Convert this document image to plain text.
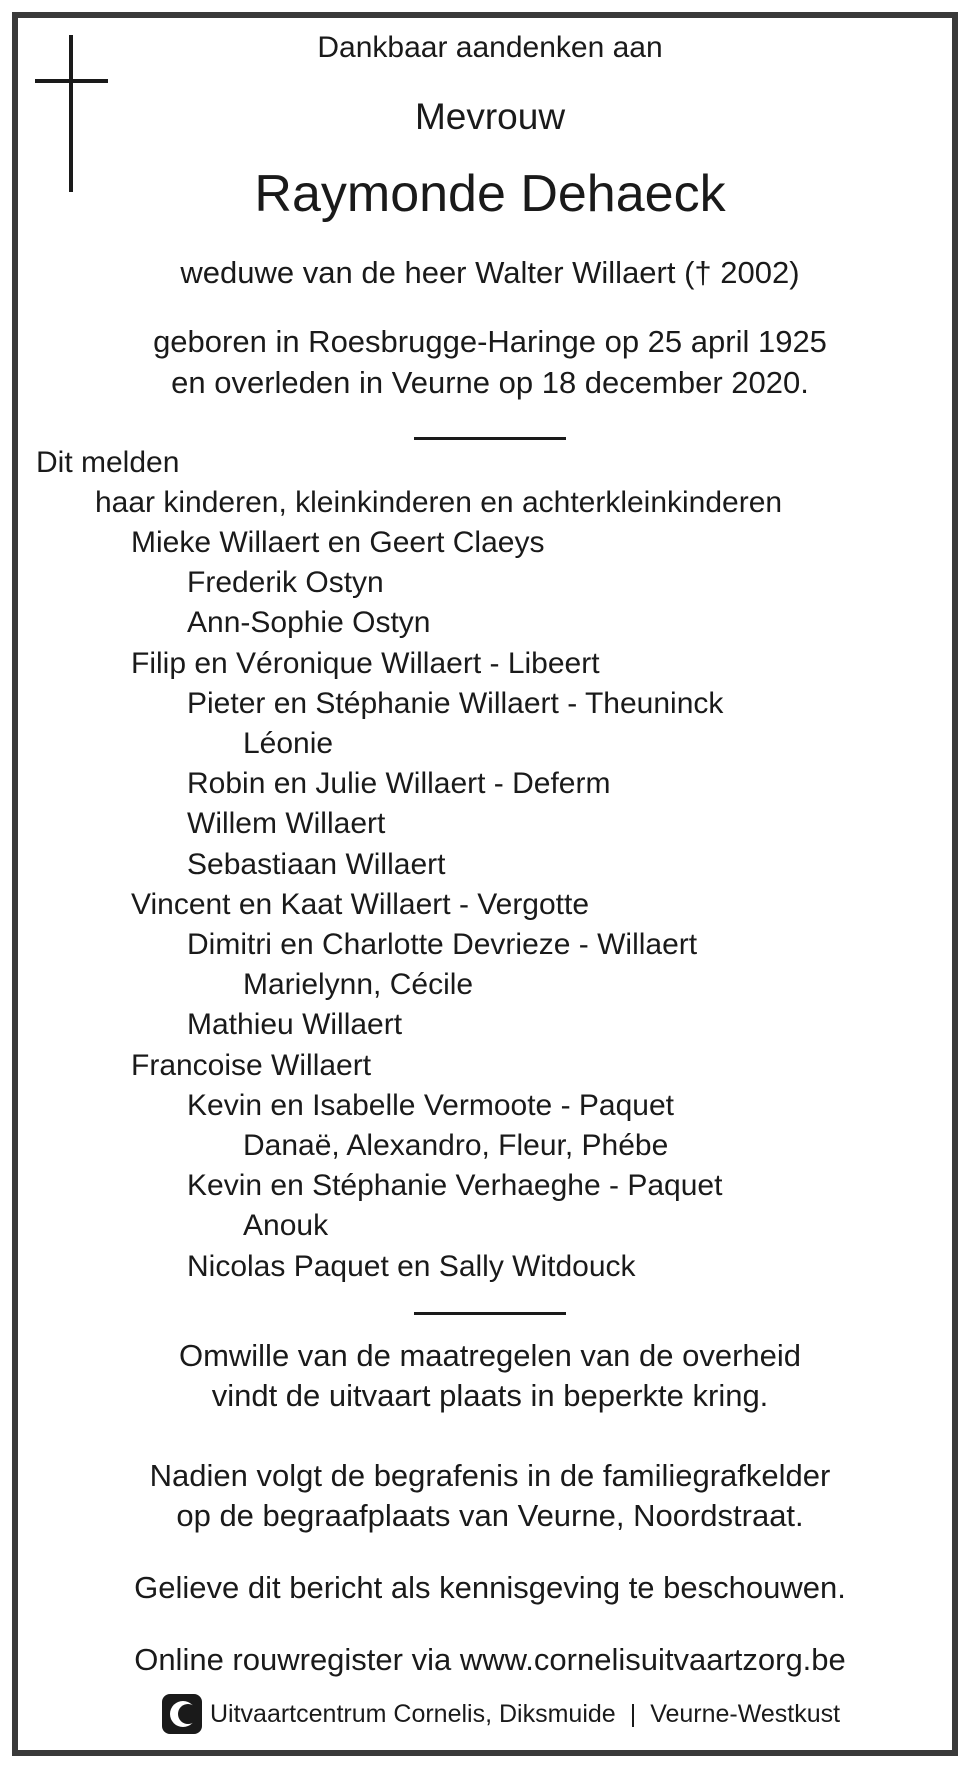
Dankbaar aandenken aan
Mevrouw
Raymonde Dehaeck
weduwe van de heer Walter Willaert († 2002)
geboren in Roesbrugge-Haringe op 25 april 1925
en overleden in Veurne op 18 december 2020.
Dit melden
haar kinderen, kleinkinderen en achterkleinkinderen
Mieke Willaert en Geert Claeys
Frederik Ostyn
Ann-Sophie Ostyn
Filip en Véronique Willaert - Libeert
Pieter en Stéphanie Willaert - Theuninck
Léonie
Robin en Julie Willaert - Deferm
Willem Willaert
Sebastiaan Willaert
Vincent en Kaat Willaert - Vergotte
Dimitri en Charlotte Devrieze - Willaert
Marielynn, Cécile
Mathieu Willaert
Francoise Willaert
Kevin en Isabelle Vermoote - Paquet
Danaë, Alexandro, Fleur, Phébe
Kevin en Stéphanie Verhaeghe - Paquet
Anouk
Nicolas Paquet en Sally Witdouck
Omwille van de maatregelen van de overheid
vindt de uitvaart plaats in beperkte kring.
Nadien volgt de begrafenis in de familiegrafkelder
op de begraafplaats van Veurne, Noordstraat.
Gelieve dit bericht als kennisgeving te beschouwen.
Online rouwregister via www.cornelisuitvaartzorg.be
Uitvaartcentrum Cornelis, Diksmuide | Veurne-Westkust
